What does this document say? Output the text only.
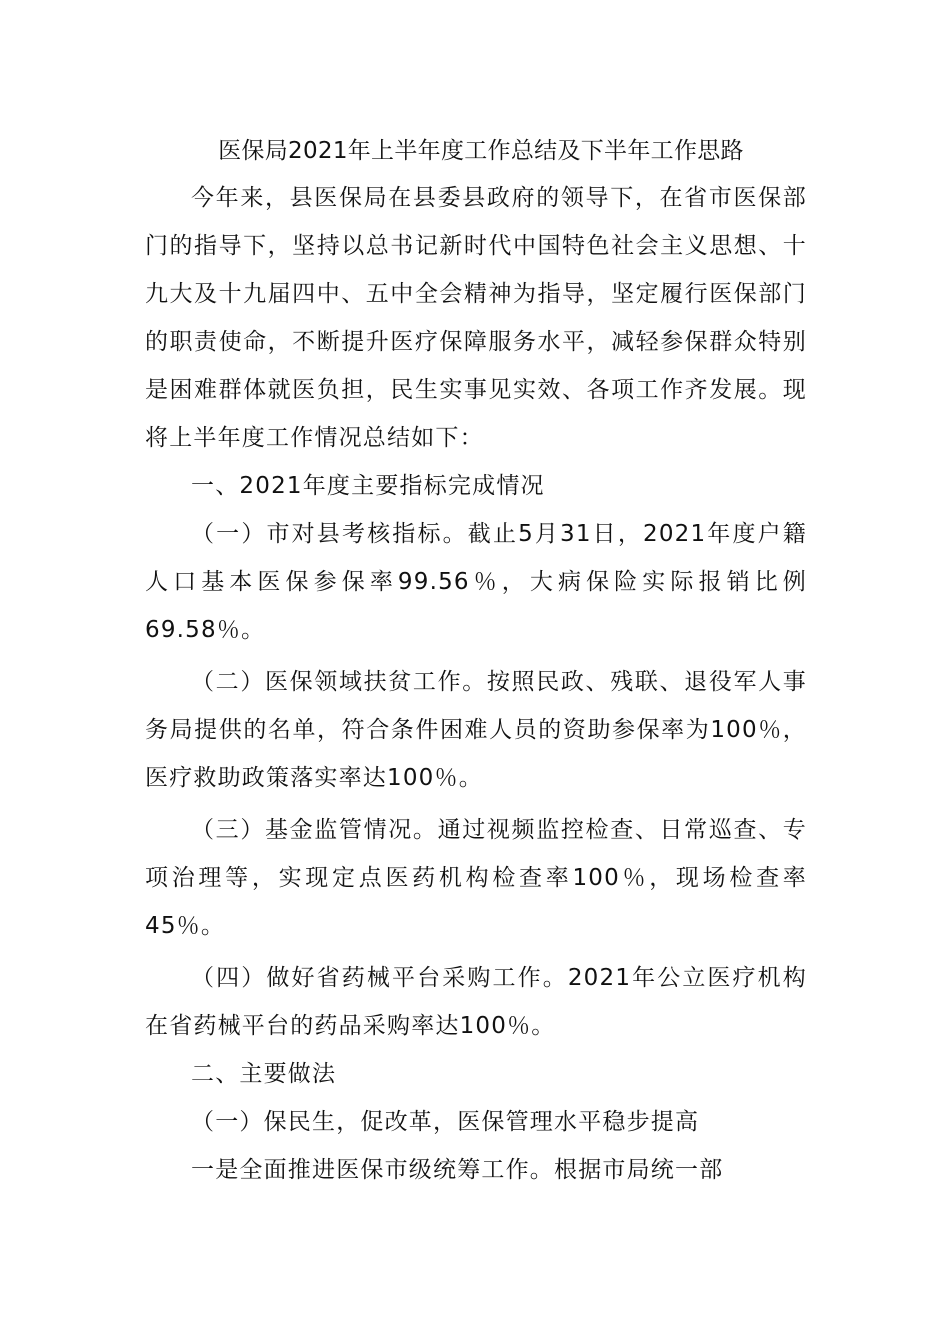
医保局2021年上半年度工作总结及下半年工作思路

今年来，县医保局在县委县政府的领导下，在省市医保部门的指导下，坚持以总书记新时代中国特色社会主义思想、十九大及十九届四中、五中全会精神为指导，坚定履行医保部门的职责使命，不断提升医疗保障服务水平，减轻参保群众特别是困难群体就医负担，民生实事见实效、各项工作齐发展。现将上半年度工作情况总结如下：

一、2021年度主要指标完成情况

（一）市对县考核指标。截止5月31日，2021年度户籍人口基本医保参保率99.56％，大病保险实际报销比例69.58％。

（二）医保领域扶贫工作。按照民政、残联、退役军人事务局提供的名单，符合条件困难人员的资助参保率为100％，医疗救助政策落实率达100％。

（三）基金监管情况。通过视频监控检查、日常巡查、专项治理等，实现定点医药机构检查率100％，现场检查率45％。

（四）做好省药械平台采购工作。2021年公立医疗机构在省药械平台的药品采购率达100％。

二、主要做法

（一）保民生，促改革，医保管理水平稳步提高

一是全面推进医保市级统筹工作。根据市局统一部
